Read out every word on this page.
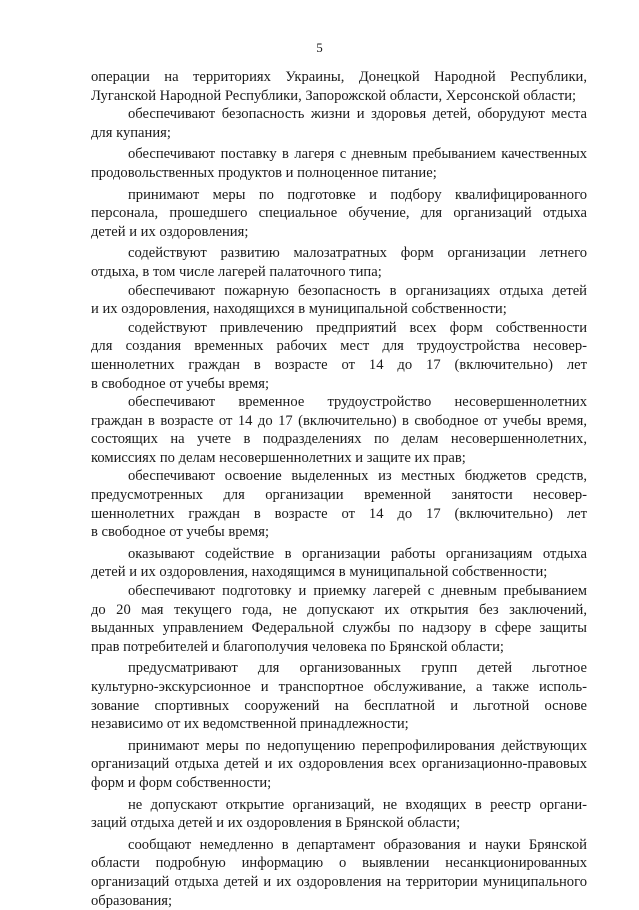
5
операции на территориях Украины, Донецкой Народной Республики,
Луганской Народной Республики, Запорожской области, Херсонской области;
обеспечивают безопасность жизни и здоровья детей, оборудуют места
для купания;
обеспечивают поставку в лагеря с дневным пребыванием качественных
продовольственных продуктов и полноценное питание;
принимают меры по подготовке и подбору квалифицированного
персонала, прошедшего специальное обучение, для организаций отдыха
детей и их оздоровления;
содействуют развитию малозатратных форм организации летнего
отдыха, в том числе лагерей палаточного типа;
обеспечивают пожарную безопасность в организациях отдыха детей
и их оздоровления, находящихся в муниципальной собственности;
содействуют привлечению предприятий всех форм собственности
для создания временных рабочих мест для трудоустройства несовер-
шеннолетних граждан в возрасте от 14 до 17 (включительно) лет
в свободное от учебы время;
обеспечивают временное трудоустройство несовершеннолетних
граждан в возрасте от 14 до 17 (включительно) в свободное от учебы время,
состоящих на учете в подразделениях по делам несовершеннолетних,
комиссиях по делам несовершеннолетних и защите их прав;
обеспечивают освоение выделенных из местных бюджетов средств,
предусмотренных для организации временной занятости несовер-
шеннолетних граждан в возрасте от 14 до 17 (включительно) лет
в свободное от учебы время;
оказывают содействие в организации работы организациям отдыха
детей и их оздоровления, находящимся в муниципальной собственности;
обеспечивают подготовку и приемку лагерей с дневным пребыванием
до 20 мая текущего года, не допускают их открытия без заключений,
выданных управлением Федеральной службы по надзору в сфере защиты
прав потребителей и благополучия человека по Брянской области;
предусматривают для организованных групп детей льготное
культурно-экскурсионное и транспортное обслуживание, а также исполь-
зование спортивных сооружений на бесплатной и льготной основе
независимо от их ведомственной принадлежности;
принимают меры по недопущению перепрофилирования действующих
организаций отдыха детей и их оздоровления всех организационно-правовых
форм и форм собственности;
не допускают открытие организаций, не входящих в реестр органи-
заций отдыха детей и их оздоровления в Брянской области;
сообщают немедленно в департамент образования и науки Брянской
области подробную информацию о выявлении несанкционированных
организаций отдыха детей и их оздоровления на территории муниципального
образования;
